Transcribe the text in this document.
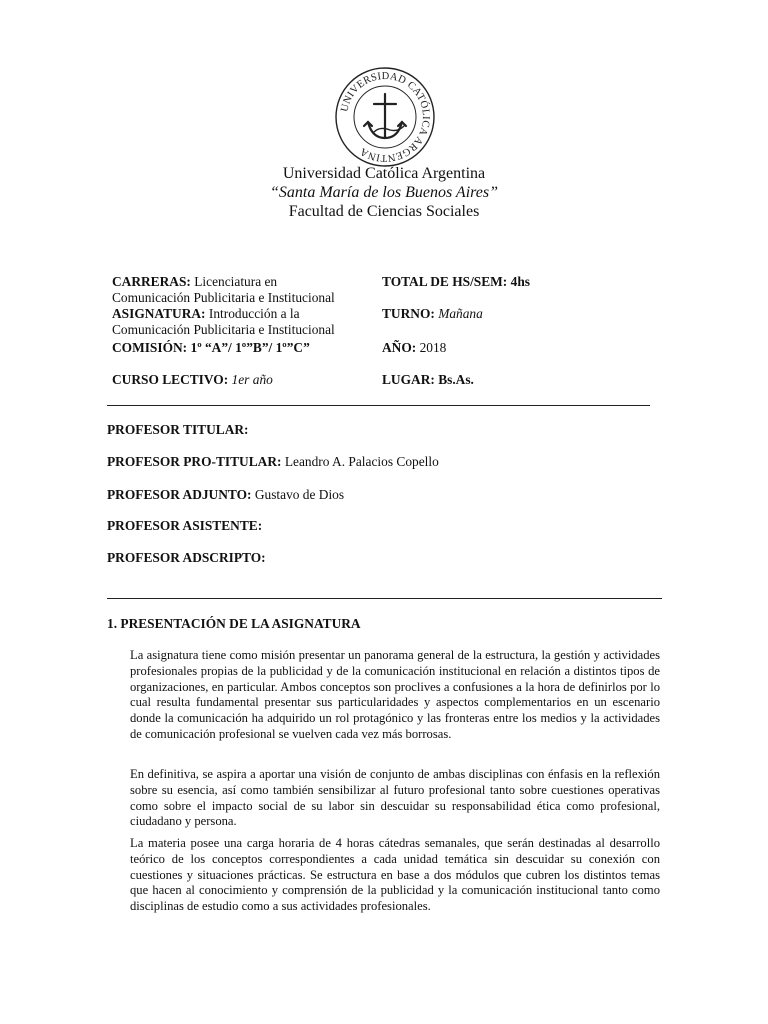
UNIVERSIDAD CATÓLICA ARGENTINA
Universidad Católica Argentina
“Santa María de los Buenos Aires”
Facultad de Ciencias Sociales
CARRERAS: Licenciatura en
Comunicación Publicitaria e Institucional
TOTAL DE HS/SEM: 4hs
ASIGNATURA: Introducción a la
Comunicación Publicitaria e Institucional
TURNO: Mañana
COMISIÓN: 1º “A”/ 1º”B”/ 1º”C”	AÑO: 2018
CURSO LECTIVO: 1er año	LUGAR: Bs.As.
PROFESOR TITULAR:
PROFESOR PRO-TITULAR: Leandro A. Palacios Copello
PROFESOR ADJUNTO: Gustavo de Dios
PROFESOR ASISTENTE:
PROFESOR ADSCRIPTO:
1. PRESENTACIÓN DE LA ASIGNATURA
La asignatura tiene como misión presentar un panorama general de la estructura, la gestión y actividades profesionales propias de la publicidad y de la comunicación institucional en relación a distintos tipos de organizaciones, en particular. Ambos conceptos son proclives a confusiones a la hora de definirlos por lo cual resulta fundamental presentar sus particularidades y aspectos complementarios en un escenario donde la comunicación ha adquirido un rol protagónico y las fronteras entre los medios y la actividades de comunicación profesional se vuelven cada vez más borrosas.
En definitiva, se aspira a aportar una visión de conjunto de ambas disciplinas con énfasis en la reflexión sobre su esencia, así como también sensibilizar al futuro profesional tanto sobre cuestiones operativas como sobre el impacto social de su labor sin descuidar su responsabilidad ética como profesional, ciudadano y persona.
La materia posee una carga horaria de 4 horas cátedras semanales, que serán destinadas al desarrollo teórico de los conceptos correspondientes a cada unidad temática sin descuidar su conexión con cuestiones y situaciones prácticas. Se estructura en base a dos módulos que cubren los distintos temas que hacen al conocimiento y comprensión de la publicidad y la comunicación institucional tanto como disciplinas de estudio como a sus actividades profesionales.
